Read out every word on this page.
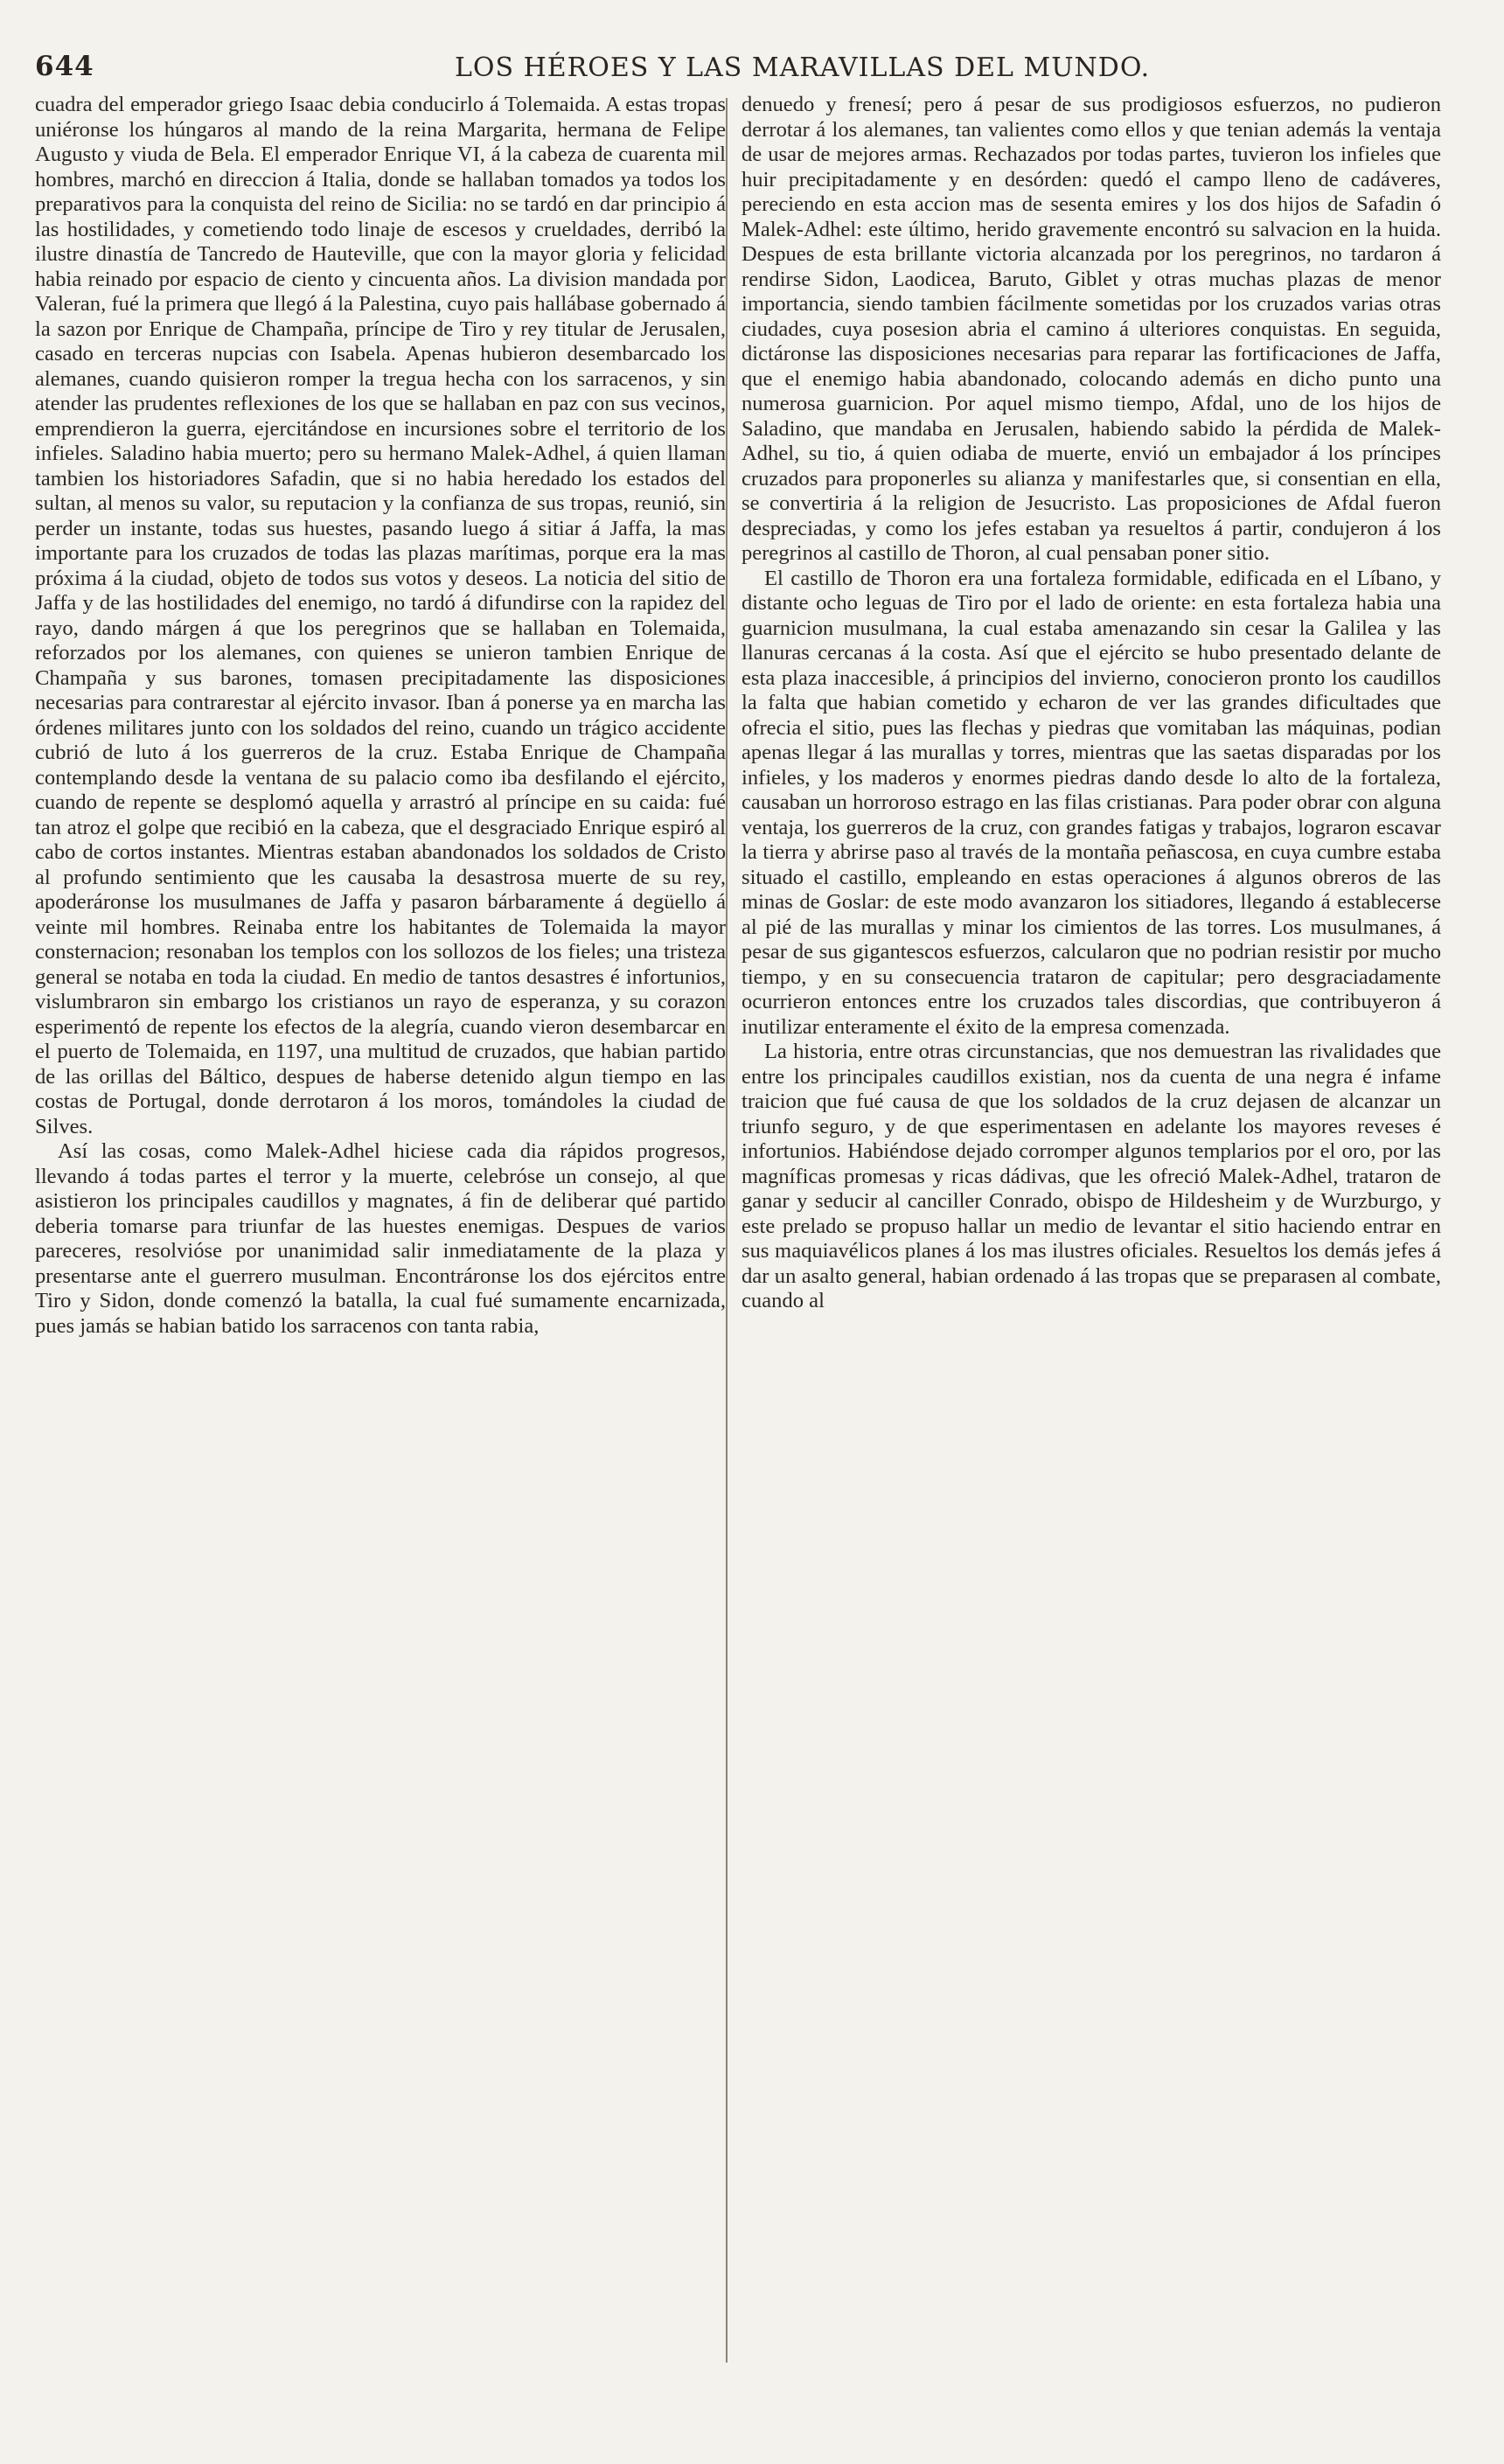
644	LOS HÉROES Y LAS MARAVILLAS DEL MUNDO.

cuadra del emperador griego Isaac debia conducirlo á Tolemaida. A estas tropas uniéronse los húngaros al mando de la reina Margarita, hermana de Felipe Augusto y viuda de Bela. El emperador Enrique VI, á la cabeza de cuarenta mil hombres, marchó en direccion á Italia, donde se hallaban tomados ya todos los preparativos para la conquista del reino de Sicilia: no se tardó en dar principio á las hostilidades, y cometiendo todo linaje de escesos y crueldades, derribó la ilustre dinastía de Tancredo de Hauteville, que con la mayor gloria y felicidad habia reinado por espacio de ciento y cincuenta años. La division mandada por Valeran, fué la primera que llegó á la Palestina, cuyo pais hallábase gobernado á la sazon por Enrique de Champaña, príncipe de Tiro y rey titular de Jerusalen, casado en terceras nupcias con Isabela. Apenas hubieron desembarcado los alemanes, cuando quisieron romper la tregua hecha con los sarracenos, y sin atender las prudentes reflexiones de los que se hallaban en paz con sus vecinos, emprendieron la guerra, ejercitándose en incursiones sobre el territorio de los infieles. Saladino habia muerto; pero su hermano Malek-Adhel, á quien llaman tambien los historiadores Safadin, que si no habia heredado los estados del sultan, al menos su valor, su reputacion y la confianza de sus tropas, reunió, sin perder un instante, todas sus huestes, pasando luego á sitiar á Jaffa, la mas importante para los cruzados de todas las plazas marítimas, porque era la mas próxima á la ciudad, objeto de todos sus votos y deseos. La noticia del sitio de Jaffa y de las hostilidades del enemigo, no tardó á difundirse con la rapidez del rayo, dando márgen á que los peregrinos que se hallaban en Tolemaida, reforzados por los alemanes, con quienes se unieron tambien Enrique de Champaña y sus barones, tomasen precipitadamente las disposiciones necesarias para contrarestar al ejército invasor. Iban á ponerse ya en marcha las órdenes militares junto con los soldados del reino, cuando un trágico accidente cubrió de luto á los guerreros de la cruz. Estaba Enrique de Champaña contemplando desde la ventana de su palacio como iba desfilando el ejército, cuando de repente se desplomó aquella y arrastró al príncipe en su caida: fué tan atroz el golpe que recibió en la cabeza, que el desgraciado Enrique espiró al cabo de cortos instantes. Mientras estaban abandonados los soldados de Cristo al profundo sentimiento que les causaba la desastrosa muerte de su rey, apoderáronse los musulmanes de Jaffa y pasaron bárbaramente á degüello á veinte mil hombres. Reinaba entre los habitantes de Tolemaida la mayor consternacion; resonaban los templos con los sollozos de los fieles; una tristeza general se notaba en toda la ciudad. En medio de tantos desastres é infortunios, vislumbraron sin embargo los cristianos un rayo de esperanza, y su corazon esperimentó de repente los efectos de la alegría, cuando vieron desembarcar en el puerto de Tolemaida, en 1197, una multitud de cruzados, que habian partido de las orillas del Báltico, despues de haberse detenido algun tiempo en las costas de Portugal, donde derrotaron á los moros, tomándoles la ciudad de Silves.

Así las cosas, como Malek-Adhel hiciese cada dia rápidos progresos, llevando á todas partes el terror y la muerte, celebróse un consejo, al que asistieron los principales caudillos y magnates, á fin de deliberar qué partido deberia tomarse para triunfar de las huestes enemigas. Despues de varios pareceres, resolvióse por unanimidad salir inmediatamente de la plaza y presentarse ante el guerrero musulman. Encontráronse los dos ejércitos entre Tiro y Sidon, donde comenzó la batalla, la cual fué sumamente encarnizada, pues jamás se habian batido los sarracenos con tanta rabia,

denuedo y frenesí; pero á pesar de sus prodigiosos esfuerzos, no pudieron derrotar á los alemanes, tan valientes como ellos y que tenian además la ventaja de usar de mejores armas. Rechazados por todas partes, tuvieron los infieles que huir precipitadamente y en desórden: quedó el campo lleno de cadáveres, pereciendo en esta accion mas de sesenta emires y los dos hijos de Safadin ó Malek-Adhel: este último, herido gravemente encontró su salvacion en la huida. Despues de esta brillante victoria alcanzada por los peregrinos, no tardaron á rendirse Sidon, Laodicea, Baruto, Giblet y otras muchas plazas de menor importancia, siendo tambien fácilmente sometidas por los cruzados varias otras ciudades, cuya posesion abria el camino á ulteriores conquistas. En seguida, dictáronse las disposiciones necesarias para reparar las fortificaciones de Jaffa, que el enemigo habia abandonado, colocando además en dicho punto una numerosa guarnicion. Por aquel mismo tiempo, Afdal, uno de los hijos de Saladino, que mandaba en Jerusalen, habiendo sabido la pérdida de Malek-Adhel, su tio, á quien odiaba de muerte, envió un embajador á los príncipes cruzados para proponerles su alianza y manifestarles que, si consentian en ella, se convertiria á la religion de Jesucristo. Las proposiciones de Afdal fueron despreciadas, y como los jefes estaban ya resueltos á partir, condujeron á los peregrinos al castillo de Thoron, al cual pensaban poner sitio.

El castillo de Thoron era una fortaleza formidable, edificada en el Líbano, y distante ocho leguas de Tiro por el lado de oriente: en esta fortaleza habia una guarnicion musulmana, la cual estaba amenazando sin cesar la Galilea y las llanuras cercanas á la costa. Así que el ejército se hubo presentado delante de esta plaza inaccesible, á principios del invierno, conocieron pronto los caudillos la falta que habian cometido y echaron de ver las grandes dificultades que ofrecia el sitio, pues las flechas y piedras que vomitaban las máquinas, podian apenas llegar á las murallas y torres, mientras que las saetas disparadas por los infieles, y los maderos y enormes piedras dando desde lo alto de la fortaleza, causaban un horroroso estrago en las filas cristianas. Para poder obrar con alguna ventaja, los guerreros de la cruz, con grandes fatigas y trabajos, lograron escavar la tierra y abrirse paso al través de la montaña peñascosa, en cuya cumbre estaba situado el castillo, empleando en estas operaciones á algunos obreros de las minas de Goslar: de este modo avanzaron los sitiadores, llegando á establecerse al pié de las murallas y minar los cimientos de las torres. Los musulmanes, á pesar de sus gigantescos esfuerzos, calcularon que no podrian resistir por mucho tiempo, y en su consecuencia trataron de capitular; pero desgraciadamente ocurrieron entonces entre los cruzados tales discordias, que contribuyeron á inutilizar enteramente el éxito de la empresa comenzada.

La historia, entre otras circunstancias, que nos demuestran las rivalidades que entre los principales caudillos existian, nos da cuenta de una negra é infame traicion que fué causa de que los soldados de la cruz dejasen de alcanzar un triunfo seguro, y de que esperimentasen en adelante los mayores reveses é infortunios. Habiéndose dejado corromper algunos templarios por el oro, por las magníficas promesas y ricas dádivas, que les ofreció Malek-Adhel, trataron de ganar y seducir al canciller Conrado, obispo de Hildesheim y de Wurzburgo, y este prelado se propuso hallar un medio de levantar el sitio haciendo entrar en sus maquiavélicos planes á los mas ilustres oficiales. Resueltos los demás jefes á dar un asalto general, habian ordenado á las tropas que se preparasen al combate, cuando al
